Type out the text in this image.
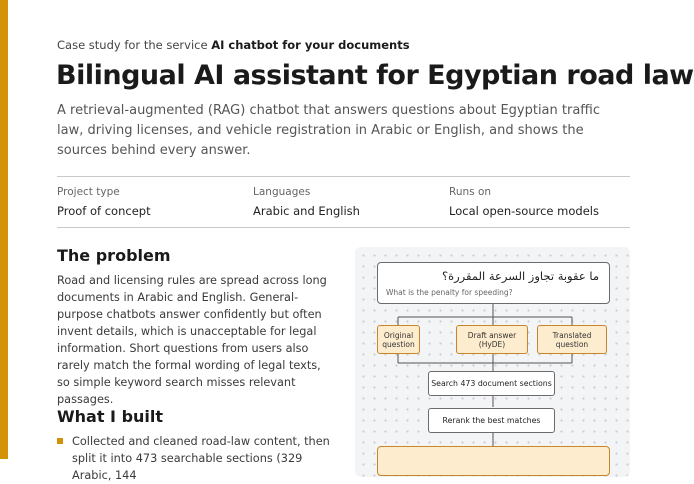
Case study for the service AI chatbot for your documents
Bilingual AI assistant for Egyptian road law

A retrieval-augmented (RAG) chatbot that answers questions about Egyptian traffic law, driving licenses, and vehicle registration in Arabic or English, and shows the sources behind every answer.

Project type
Proof of concept
Languages
Arabic and English
Runs on
Local open-source models
The problem

Road and licensing rules are spread across long documents in Arabic and English. General-purpose chatbots answer confidently but often invent details, which is unacceptable for legal information. Short questions from users also rarely match the formal wording of legal texts, so simple keyword search misses relevant passages.

What I built
Collected and cleaned road-law content, then split it into 473 searchable sections (329 Arabic, 144
ما عقوبة تجاوز السرعة المقررة؟
What is the penalty for speeding?
Original
question
Draft answer
(HyDE)
Translated
question
Search 473 document sections
Rerank the best matches
